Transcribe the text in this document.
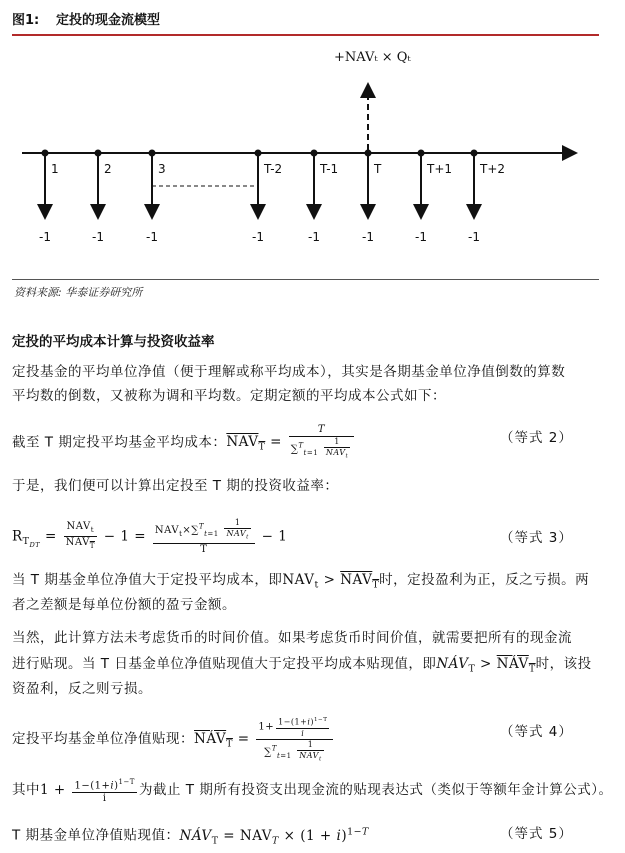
图1: 定投的现金流模型
+NAVₜ × Qₜ
1
-1
2
-1
3
-1
T-2
-1
T-1
-1
T
-1
T+1
-1
T+2
-1
资料来源: 华泰证券研究所
定投的平均成本计算与投资收益率
定投基金的平均单位净值（便于理解或称平均成本），其实是各期基金单位净值倒数的算数
平均数的倒数，又被称为调和平均数。定期定额的平均成本公式如下：
截至 T 期定投平均基金平均成本：$\overline{NAV}_{\overline{T}} = \frac{T}{\sum^T_{t=1} \frac{1}{NAV_t}}$	（等式 2）
于是，我们便可以计算出定投至 T 期的投资收益率：
$R_{T_{DT}} = \frac{NAV_t}{\overline{NAV}_{\overline{T}}} - 1 = \frac{NAV_t\times\sum^T_{t=1} \frac{1}{NAV_t}}{T} - 1$	（等式 3）
当 T 期基金单位净值大于定投平均成本，即$NAV_t > \overline{NAV}_{\overline{T}}$时，定投盈利为正，反之亏损。两
者之差额是每单位份额的盈亏金额。
当然，此计算方法未考虑货币的时间价值。如果考虑货币时间价值，就需要把所有的现金流
进行贴现。当 T 日基金单位净值贴现值大于定投平均成本贴现值，即$NÁV_T > \overline{NÁV}_{\overline{T}}$时，该投
资盈利，反之则亏损。
定投平均基金单位净值贴现：$\overline{NÁV}_{\overline{T}} = \frac{1+ \frac{1-(1+i)^{1-T}}{i}}{\sum^T_{t=1} \frac{1}{NAV_t}}$	（等式 4）
其中$1 + \frac{1-(1+i)^{1-T}}{i}$ 为截止 T 期所有投资支出现金流的贴现表达式（类似于等额年金计算公式）。
T 期基金单位净值贴现值：$NÁV_T = NAV_T \times (1 + i)^{1-T}$	（等式 5）
